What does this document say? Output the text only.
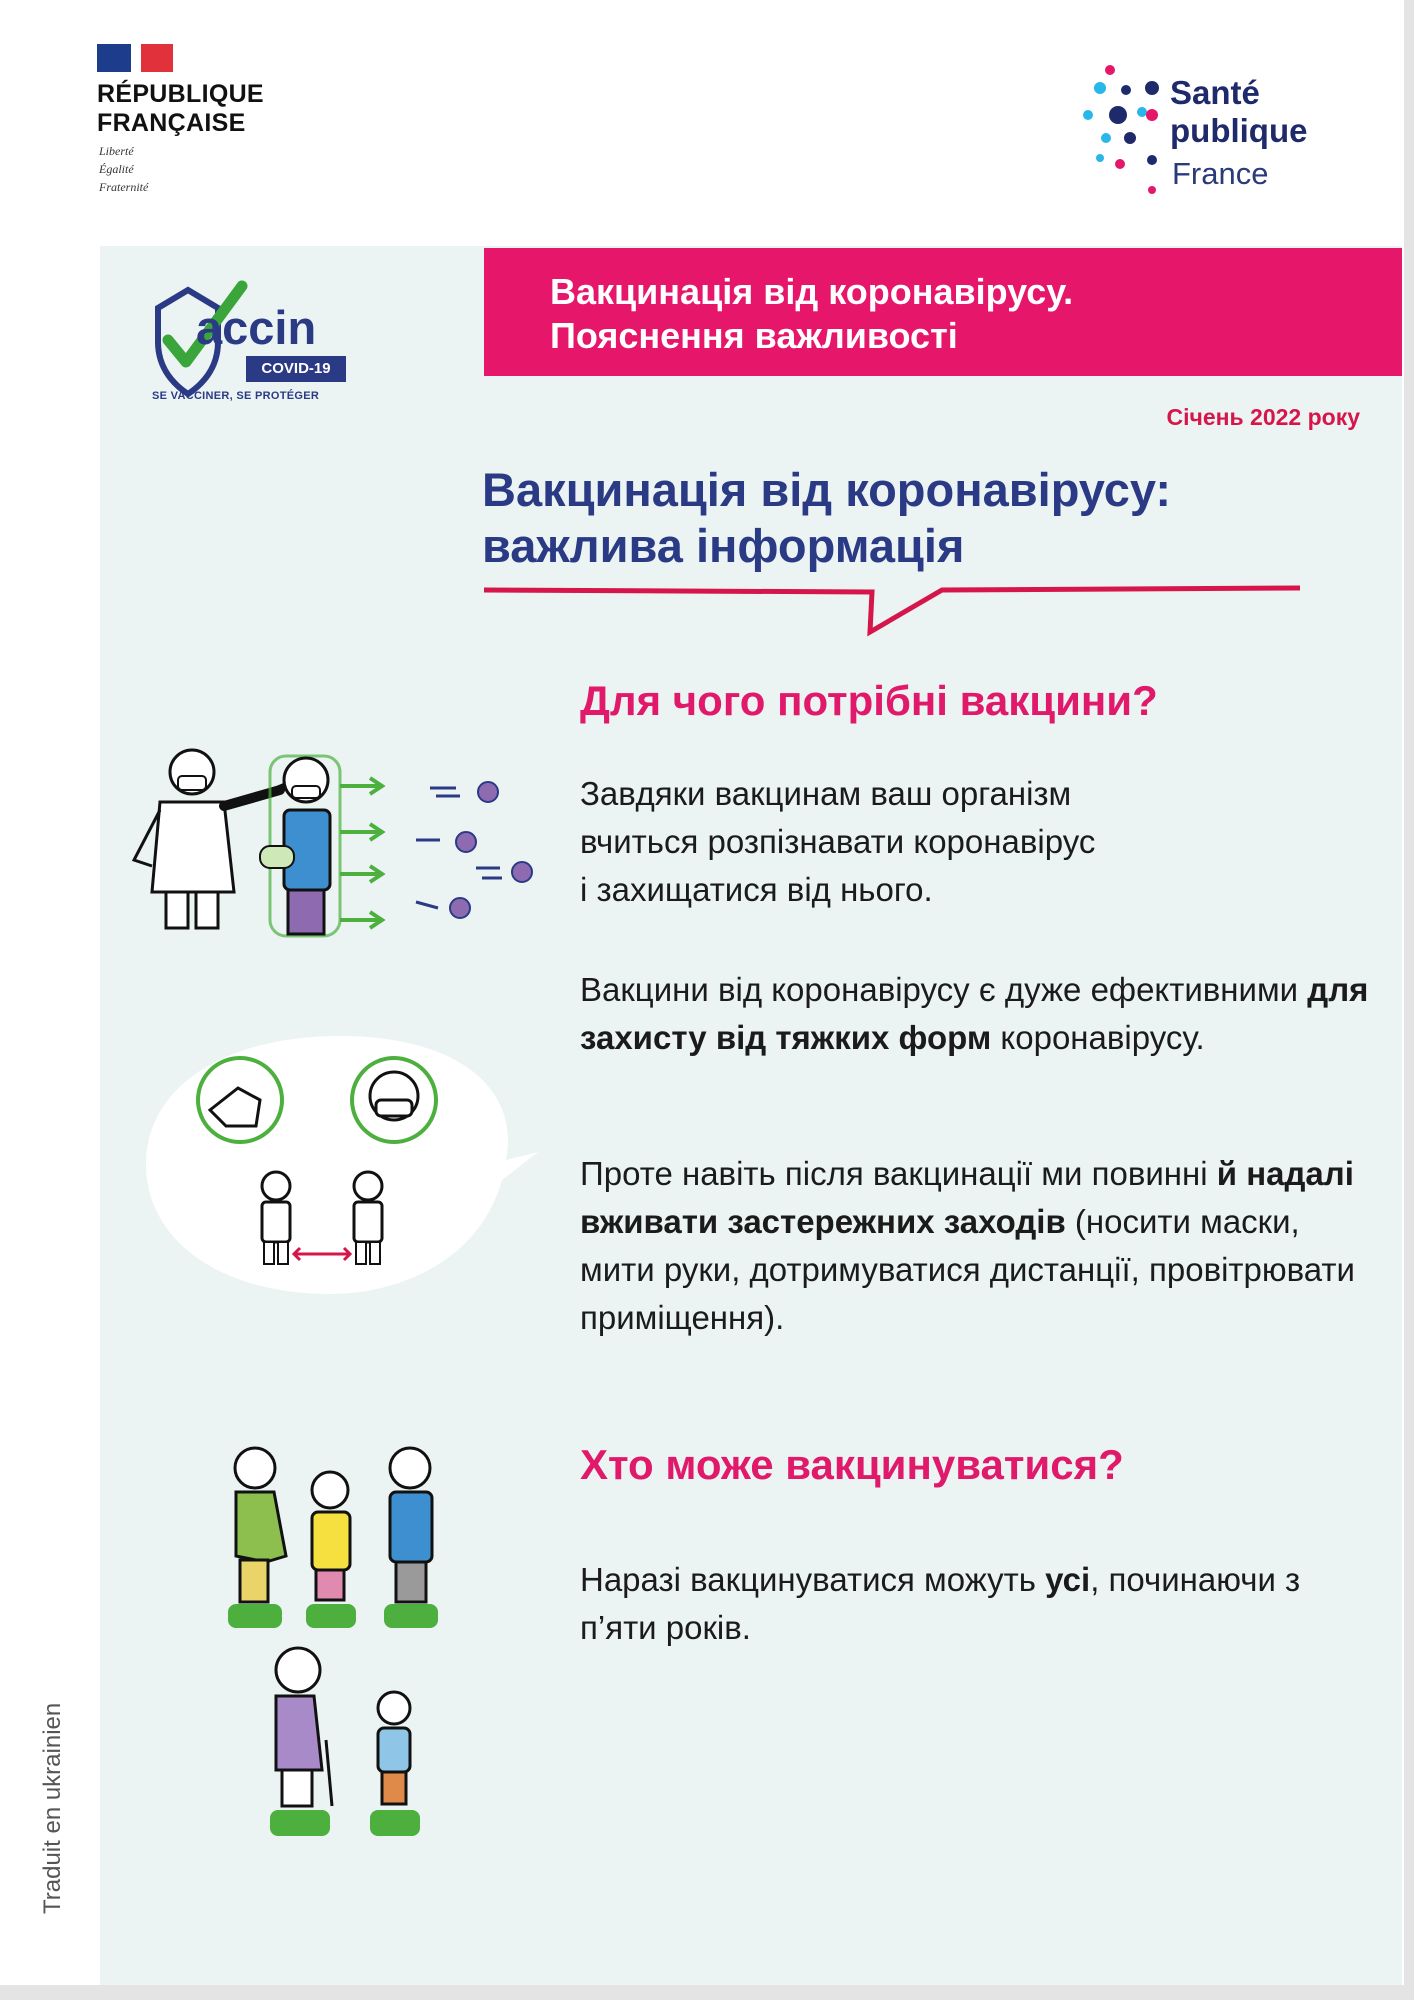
RÉPUBLIQUE
FRANÇAISE
Liberté
Égalité
Fraternité
Santé
publique
France
Вакцинація від коронавірусу.
Пояснення важливості
accin
COVID-19
SE VACCINER, SE PROTÉGER
Січень 2022 року
Вакцинація від коронавірусу:
важлива інформація
Для чого потрібні вакцини?
Завдяки вакцинам ваш організм
вчиться розпізнавати коронавірус
і захищатися від нього.
Вакцини від коронавірусу є дуже ефективними для захисту від тяжких форм коронавірусу.
Проте навіть після вакцинації ми повинні й надалі вживати застережних заходів (носити маски, мити руки, дотримуватися дистанції, провітрювати приміщення).
Хто може вакцинуватися?
Наразі вакцинуватися можуть усі, починаючи з п’яти років.
Traduit en ukrainien
